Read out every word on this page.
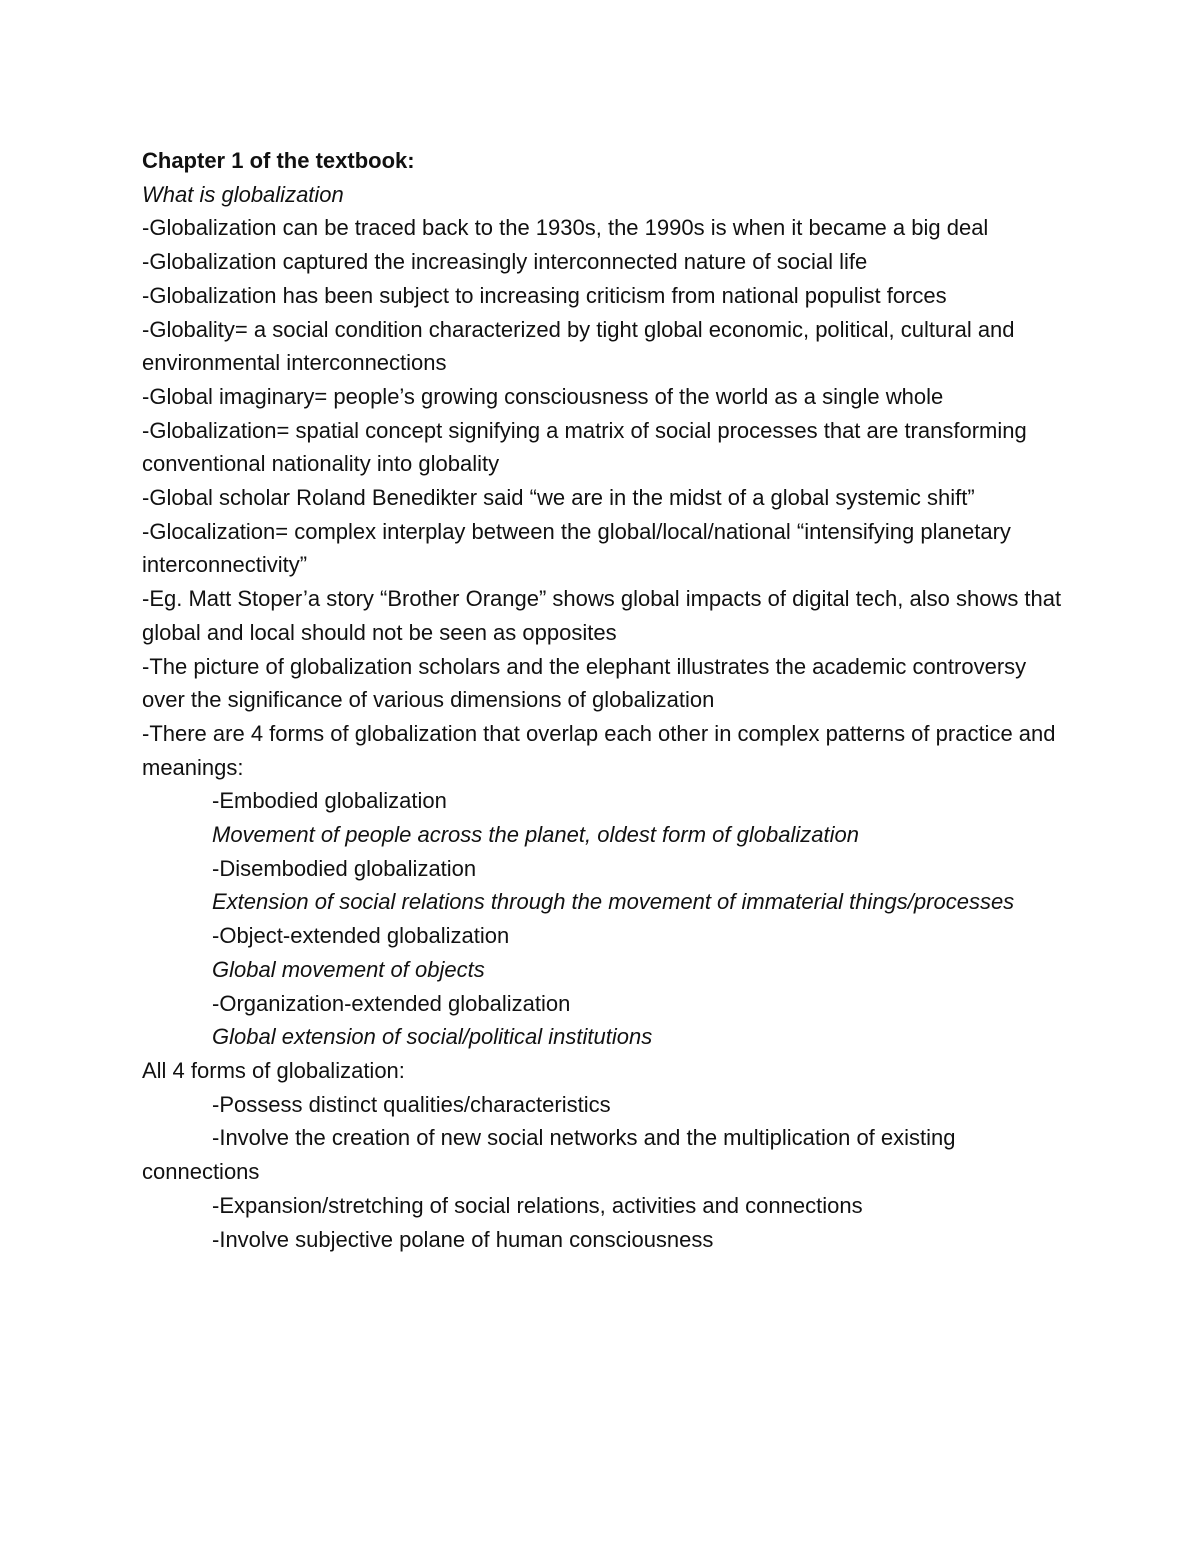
Chapter 1 of the textbook:

What is globalization

-Globalization can be traced back to the 1930s, the 1990s is when it became a big deal

-Globalization captured the increasingly interconnected nature of social life

-Globalization has been subject to increasing criticism from national populist forces

-Globality= a social condition characterized by tight global economic, political, cultural and environmental interconnections

-Global imaginary= people’s growing consciousness of the world as a single whole

-Globalization= spatial concept signifying a matrix of social processes that are transforming conventional nationality into globality

-Global scholar Roland Benedikter said “we are in the midst of a global systemic shift”

-Glocalization= complex interplay between the global/local/national “intensifying planetary interconnectivity”

-Eg. Matt Stoper’a story “Brother Orange” shows global impacts of digital tech, also shows that global and local should not be seen as opposites

-The picture of globalization scholars and the elephant illustrates the academic controversy over the significance of various dimensions of globalization

-There are 4 forms of globalization that overlap each other in complex patterns of practice and meanings:

-Embodied globalization

Movement of people across the planet, oldest form of globalization

-Disembodied globalization

Extension of social relations through the movement of immaterial things/processes

-Object-extended globalization

Global movement of objects

-Organization-extended globalization

Global extension of social/political institutions

All 4 forms of globalization:

-Possess distinct qualities/characteristics

-Involve the creation of new social networks and the multiplication of existing connections

-Expansion/stretching of social relations, activities and connections

-Involve subjective polane of human consciousness
